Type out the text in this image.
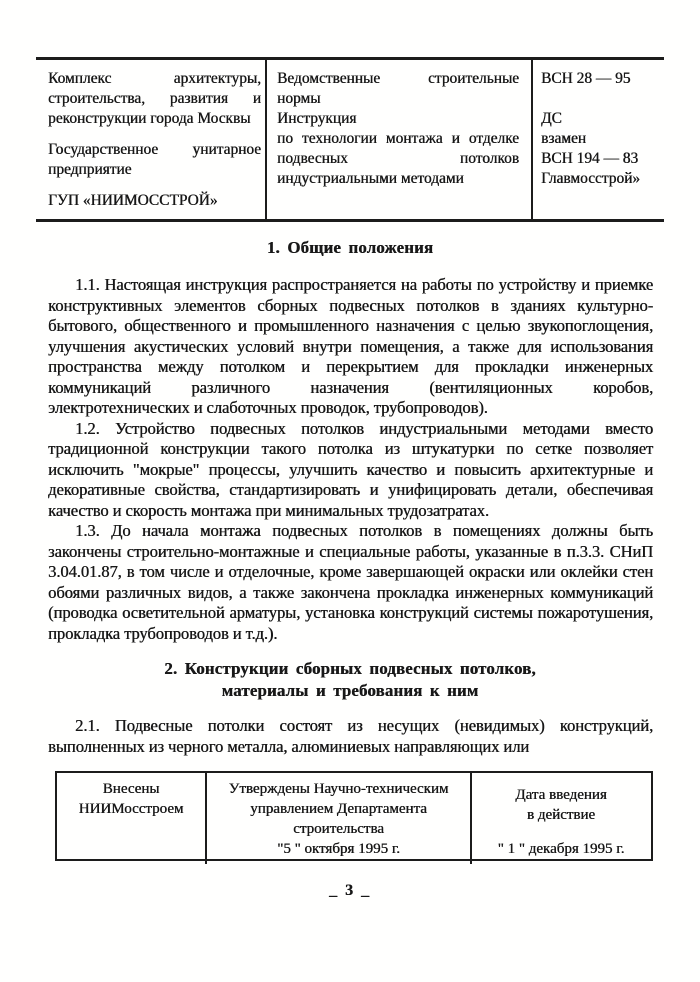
Комплекс архитектуры, строительства, развития и реконструкции города Москвы

Государственное унитарное предприятие

ГУП «НИИМОССТРОЙ»

Ведомственные строительные нормы

Инструкция

по технологии монтажа и отделке подвесных потолков индустриальными методами

ВСН 28 — 95

ДС

взамен

ВСН 194 — 83

Главмосстрой»

1. Общие положения

1.1. Настоящая инструкция распространяется на работы по устройству и приемке конструктивных элементов сборных подвесных потолков в зданиях культурно-бытового, общественного и промышленного назначения с целью звукопоглощения, улучшения акустических условий внутри помещения, а также для использования пространства между потолком и перекрытием для прокладки инженерных коммуникаций различного назначения (вентиляционных коробов, электротехнических и слаботочных проводок, трубопроводов).

1.2. Устройство подвесных потолков индустриальными методами вместо традиционной конструкции такого потолка из штукатурки по сетке позволяет исключить "мокрые" процессы, улучшить качество и повысить архитектурные и декоративные свойства, стандартизировать и унифицировать детали, обеспечивая качество и скорость монтажа при минимальных трудозатратах.

1.3. До начала монтажа подвесных потолков в помещениях должны быть закончены строительно-монтажные и специальные работы, указанные в п.3.3. СНиП 3.04.01.87, в том числе и отделочные, кроме завершающей окраски или оклейки стен обоями различных видов, а также закончена прокладка инженерных коммуникаций (проводка осветительной арматуры, установка конструкций системы пожаротушения, прокладка трубопроводов и т.д.).

2. Конструкции сборных подвесных потолков,
материалы и требования к ним

2.1. Подвесные потолки состоят из несущих (невидимых) конструкций, выполненных из черного металла, алюминиевых направляющих или

Внесены

НИИМосстроем

Утверждены Научно-техническим управлением Департамента строительства

"5 " октября 1995 г.

Дата введения
в действие

" 1 " декабря 1995 г.

_ 3 _
